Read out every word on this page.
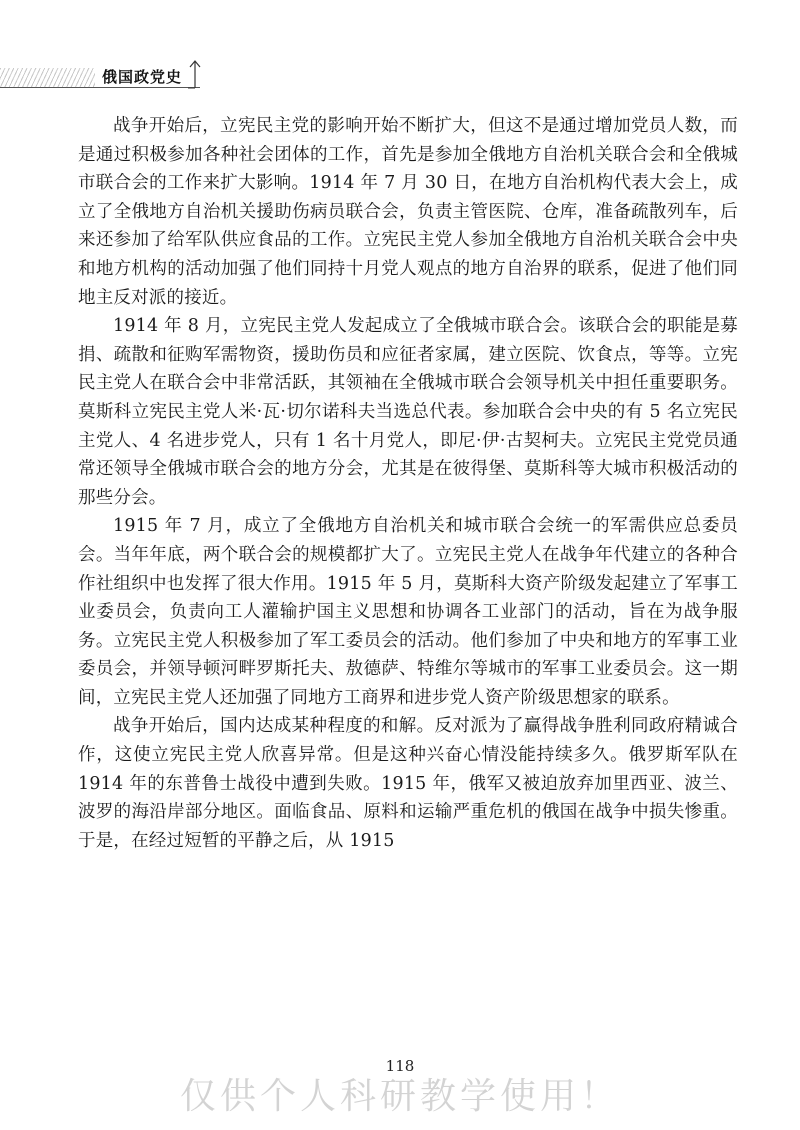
俄国政党史

战争开始后，立宪民主党的影响开始不断扩大，但这不是通过增加党员人数，而是通过积极参加各种社会团体的工作，首先是参加全俄地方自治机关联合会和全俄城市联合会的工作来扩大影响。1914 年 7 月 30 日，在地方自治机构代表大会上，成立了全俄地方自治机关援助伤病员联合会，负责主管医院、仓库，准备疏散列车，后来还参加了给军队供应食品的工作。立宪民主党人参加全俄地方自治机关联合会中央和地方机构的活动加强了他们同持十月党人观点的地方自治界的联系，促进了他们同地主反对派的接近。

1914 年 8 月，立宪民主党人发起成立了全俄城市联合会。该联合会的职能是募捐、疏散和征购军需物资，援助伤员和应征者家属，建立医院、饮食点，等等。立宪民主党人在联合会中非常活跃，其领袖在全俄城市联合会领导机关中担任重要职务。莫斯科立宪民主党人米·瓦·切尔诺科夫当选总代表。参加联合会中央的有 5 名立宪民主党人、4 名进步党人，只有 1 名十月党人，即尼·伊·古契柯夫。立宪民主党党员通常还领导全俄城市联合会的地方分会，尤其是在彼得堡、莫斯科等大城市积极活动的那些分会。

1915 年 7 月，成立了全俄地方自治机关和城市联合会统一的军需供应总委员会。当年年底，两个联合会的规模都扩大了。立宪民主党人在战争年代建立的各种合作社组织中也发挥了很大作用。1915 年 5 月，莫斯科大资产阶级发起建立了军事工业委员会，负责向工人灌输护国主义思想和协调各工业部门的活动，旨在为战争服务。立宪民主党人积极参加了军工委员会的活动。他们参加了中央和地方的军事工业委员会，并领导顿河畔罗斯托夫、敖德萨、特维尔等城市的军事工业委员会。这一期间，立宪民主党人还加强了同地方工商界和进步党人资产阶级思想家的联系。

战争开始后，国内达成某种程度的和解。反对派为了赢得战争胜利同政府精诚合作，这使立宪民主党人欣喜异常。但是这种兴奋心情没能持续多久。俄罗斯军队在 1914 年的东普鲁士战役中遭到失败。1915 年，俄军又被迫放弃加里西亚、波兰、波罗的海沿岸部分地区。面临食品、原料和运输严重危机的俄国在战争中损失惨重。于是，在经过短暂的平静之后，从 1915

118
仅供个人科研教学使用！
